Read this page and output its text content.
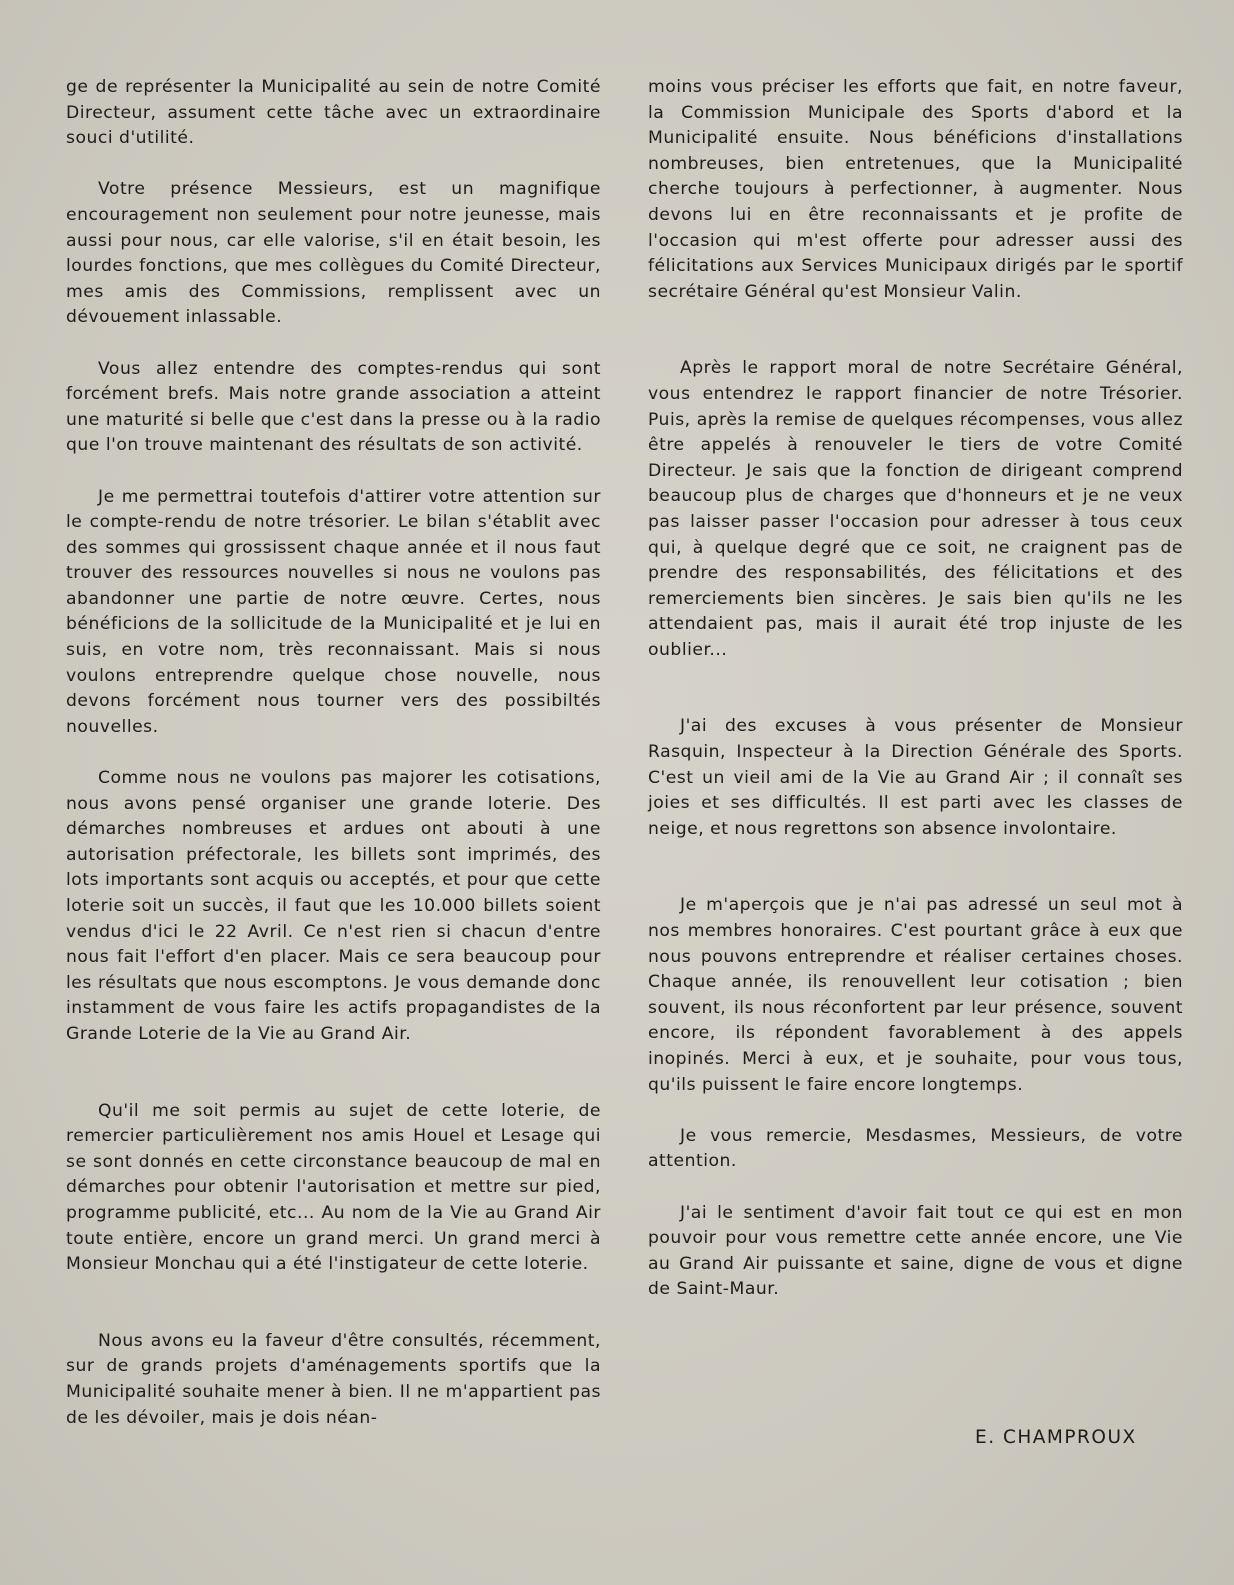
ge de représenter la Municipalité au sein de notre Comité Directeur, assument cette tâche avec un extraordinaire souci d'utilité.

Votre présence Messieurs, est un magnifique encouragement non seulement pour notre jeunesse, mais aussi pour nous, car elle valorise, s'il en était besoin, les lourdes fonctions, que mes collègues du Comité Directeur, mes amis des Commissions, remplissent avec un dévouement inlassable.

Vous allez entendre des comptes-rendus qui sont forcément brefs. Mais notre grande association a atteint une maturité si belle que c'est dans la presse ou à la radio que l'on trouve maintenant des résultats de son activité.

Je me permettrai toutefois d'attirer votre attention sur le compte-rendu de notre trésorier. Le bilan s'établit avec des sommes qui grossissent chaque année et il nous faut trouver des ressources nouvelles si nous ne voulons pas abandonner une partie de notre œuvre. Certes, nous bénéficions de la sollicitude de la Municipalité et je lui en suis, en votre nom, très reconnaissant. Mais si nous voulons entreprendre quelque chose nouvelle, nous devons forcément nous tourner vers des possibiltés nouvelles.

Comme nous ne voulons pas majorer les cotisations, nous avons pensé organiser une grande loterie. Des démarches nombreuses et ardues ont abouti à une autorisation préfectorale, les billets sont imprimés, des lots importants sont acquis ou acceptés, et pour que cette loterie soit un succès, il faut que les 10.000 billets soient vendus d'ici le 22 Avril. Ce n'est rien si chacun d'entre nous fait l'effort d'en placer. Mais ce sera beaucoup pour les résultats que nous escomptons. Je vous demande donc instamment de vous faire les actifs propagandistes de la Grande Loterie de la Vie au Grand Air.

Qu'il me soit permis au sujet de cette loterie, de remercier particulièrement nos amis Houel et Lesage qui se sont donnés en cette circonstance beaucoup de mal en démarches pour obtenir l'autorisation et mettre sur pied, programme publicité, etc... Au nom de la Vie au Grand Air toute entière, encore un grand merci. Un grand merci à Monsieur Monchau qui a été l'instigateur de cette loterie.

Nous avons eu la faveur d'être consultés, récemment, sur de grands projets d'aménagements sportifs que la Municipalité souhaite mener à bien. Il ne m'appartient pas de les dévoiler, mais je dois néan-

moins vous préciser les efforts que fait, en notre faveur, la Commission Municipale des Sports d'abord et la Municipalité ensuite. Nous bénéficions d'installations nombreuses, bien entretenues, que la Municipalité cherche toujours à perfectionner, à augmenter. Nous devons lui en être reconnaissants et je profite de l'occasion qui m'est offerte pour adresser aussi des félicitations aux Services Municipaux dirigés par le sportif secrétaire Général qu'est Monsieur Valin.

Après le rapport moral de notre Secrétaire Général, vous entendrez le rapport financier de notre Trésorier. Puis, après la remise de quelques récompenses, vous allez être appelés à renouveler le tiers de votre Comité Directeur. Je sais que la fonction de dirigeant comprend beaucoup plus de charges que d'honneurs et je ne veux pas laisser passer l'occasion pour adresser à tous ceux qui, à quelque degré que ce soit, ne craignent pas de prendre des responsabilités, des félicitations et des remerciements bien sincères. Je sais bien qu'ils ne les attendaient pas, mais il aurait été trop injuste de les oublier...

J'ai des excuses à vous présenter de Monsieur Rasquin, Inspecteur à la Direction Générale des Sports. C'est un vieil ami de la Vie au Grand Air ; il connaît ses joies et ses difficultés. Il est parti avec les classes de neige, et nous regrettons son absence involontaire.

Je m'aperçois que je n'ai pas adressé un seul mot à nos membres honoraires. C'est pourtant grâce à eux que nous pouvons entreprendre et réaliser certaines choses. Chaque année, ils renouvellent leur cotisation ; bien souvent, ils nous réconfortent par leur présence, souvent encore, ils répondent favorablement à des appels inopinés. Merci à eux, et je souhaite, pour vous tous, qu'ils puissent le faire encore longtemps.

Je vous remercie, Mesdasmes, Messieurs, de votre attention.

J'ai le sentiment d'avoir fait tout ce qui est en mon pouvoir pour vous remettre cette année encore, une Vie au Grand Air puissante et saine, digne de vous et digne de Saint-Maur.

E. CHAMPROUX
